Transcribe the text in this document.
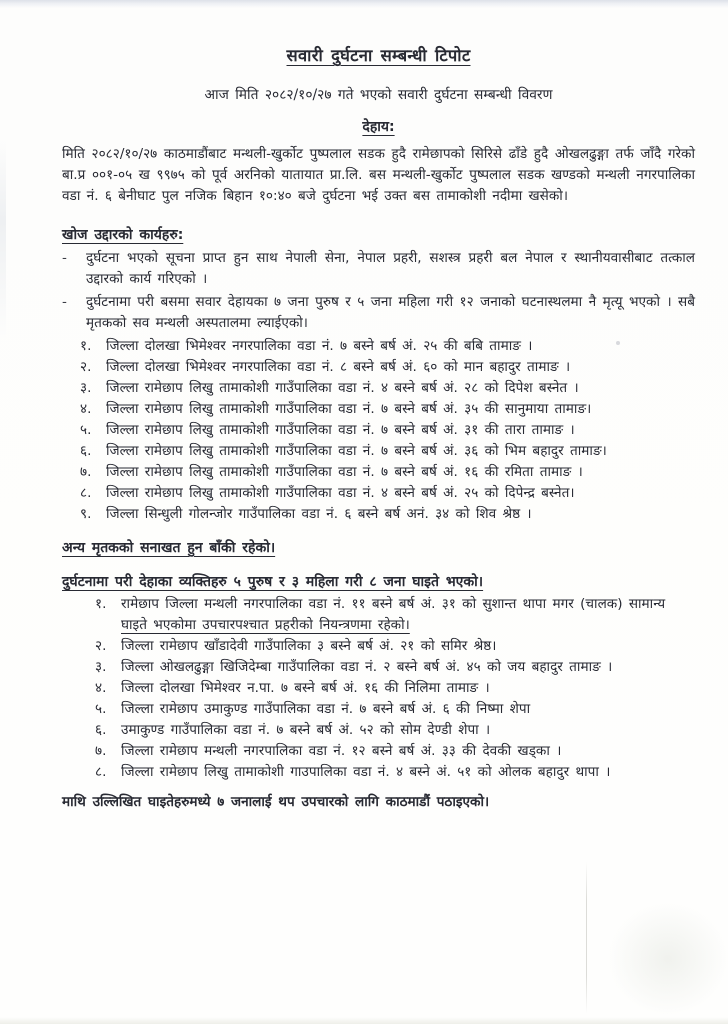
सवारी दुर्घटना सम्बन्धी टिपोट

आज मिति २०८२/१०/२७ गते भएको सवारी दुर्घटना सम्बन्धी विवरण

देहाय:

मिति २०८२/१०/२७ काठमाडौंबाट मन्थली-खुर्कोट पुष्पलाल सडक हुदै रामेछापको सिरिसे ढाँडे हुदै ओखलढुङ्गा तर्फ जाँदै गरेको बा.प्र ००१-०५ ख ९९७५ को पूर्व अरनिको यातायात प्रा.लि. बस मन्थली-खुर्कोट पुष्पलाल सडक खण्डको मन्थली नगरपालिका वडा नं. ६ बेनीघाट पुल नजिक बिहान १०:४० बजे दुर्घटना भई उक्त बस तामाकोशी नदीमा खसेको।

खोज उद्दारको कार्यहरु:
-	दुर्घटना भएको सूचना प्राप्त हुन साथ नेपाली सेना, नेपाल प्रहरी, सशस्त्र प्रहरी बल नेपाल र स्थानीयवासीबाट तत्काल उद्दारको कार्य गरिएको ।
-	दुर्घटनामा परी बसमा सवार देहायका ७ जना पुरुष र ५ जना महिला गरी १२ जनाको घटनास्थलमा नै मृत्यू भएको । सबै मृतकको सव मन्थली अस्पतालमा ल्याईएको।
१.	जिल्ला दोलखा भिमेश्वर नगरपालिका वडा नं. ७ बस्ने बर्ष अं. २५ की बबि तामाङ ।
२.	जिल्ला दोलखा भिमेश्वर नगरपालिका वडा नं. ८ बस्ने बर्ष अं. ६० को मान बहादुर तामाङ ।
३.	जिल्ला रामेछाप लिखु तामाकोशी गाउँपालिका वडा नं. ४ बस्ने बर्ष अं. २८ को दिपेश बस्नेत ।
४.	जिल्ला रामेछाप लिखु तामाकोशी गाउँपालिका वडा नं. ७ बस्ने बर्ष अं. ३५ की सानुमाया तामाङ।
५.	जिल्ला रामेछाप लिखु तामाकोशी गाउँपालिका वडा नं. ७ बस्ने बर्ष अं. ३१ की तारा तामाङ ।
६.	जिल्ला रामेछाप लिखु तामाकोशी गाउँपालिका वडा नं. ७ बस्ने बर्ष अं. ३६ को भिम बहादुर तामाङ।
७.	जिल्ला रामेछाप लिखु तामाकोशी गाउँपालिका वडा नं. ७ बस्ने बर्ष अं. १६ की रमिता तामाङ ।
८.	जिल्ला रामेछाप लिखु तामाकोशी गाउँपालिका वडा नं. ४ बस्ने बर्ष अं. २५ को दिपेन्द्र बस्नेत।
९.	जिल्ला सिन्धुली गोलन्जोर गाउँपालिका वडा नं. ६ बस्ने बर्ष अनं. ३४ को शिव श्रेष्ठ ।

अन्य मृतकको सनाखत हुन बाँकी रहेको।

दुर्घटनामा परी देहाका व्यक्तिहरु ५ पुरुष र ३ महिला गरी ८ जना घाइते भएको।
१.	रामेछाप जिल्ला मन्थली नगरपालिका वडा नं. ११ बस्ने बर्ष अं. ३१ को सुशान्त थापा मगर (चालक) सामान्य घाइते भएकोमा उपचारपश्चात प्रहरीको नियन्त्रणमा रहेको।
२.	जिल्ला रामेछाप खाँडादेवी गाउँपालिका ३ बस्ने बर्ष अं. २१ को समिर श्रेष्ठ।
३.	जिल्ला ओखलढुङ्गा खिजिदेम्बा गाउँपालिका वडा नं. २ बस्ने बर्ष अं. ४५ को जय बहादुर तामाङ ।
४.	जिल्ला दोलखा भिमेश्वर न.पा. ७ बस्ने बर्ष अं. १६ की निलिमा तामाङ ।
५.	जिल्ला रामेछाप उमाकुण्ड गाउँपालिका वडा नं. ७ बस्ने बर्ष अं. ६ की निष्मा शेपा
६.	उमाकुण्ड गाउँपालिका वडा नं. ७ बस्ने बर्ष अं. ५२ को सोम देण्डी शेपा ।
७.	जिल्ला रामेछाप मन्थली नगरपालिका वडा नं. १२ बस्ने बर्ष अं. ३३ की देवकी खड्का ।
८.	जिल्ला रामेछाप लिखु तामाकोशी गाउपालिका वडा नं. ४ बस्ने अं. ५१ को ओलक बहादुर थापा ।

माथि उल्लिखित घाइतेहरुमध्ये ७ जनालाई थप उपचारको लागि काठमाडौं पठाइएको।
